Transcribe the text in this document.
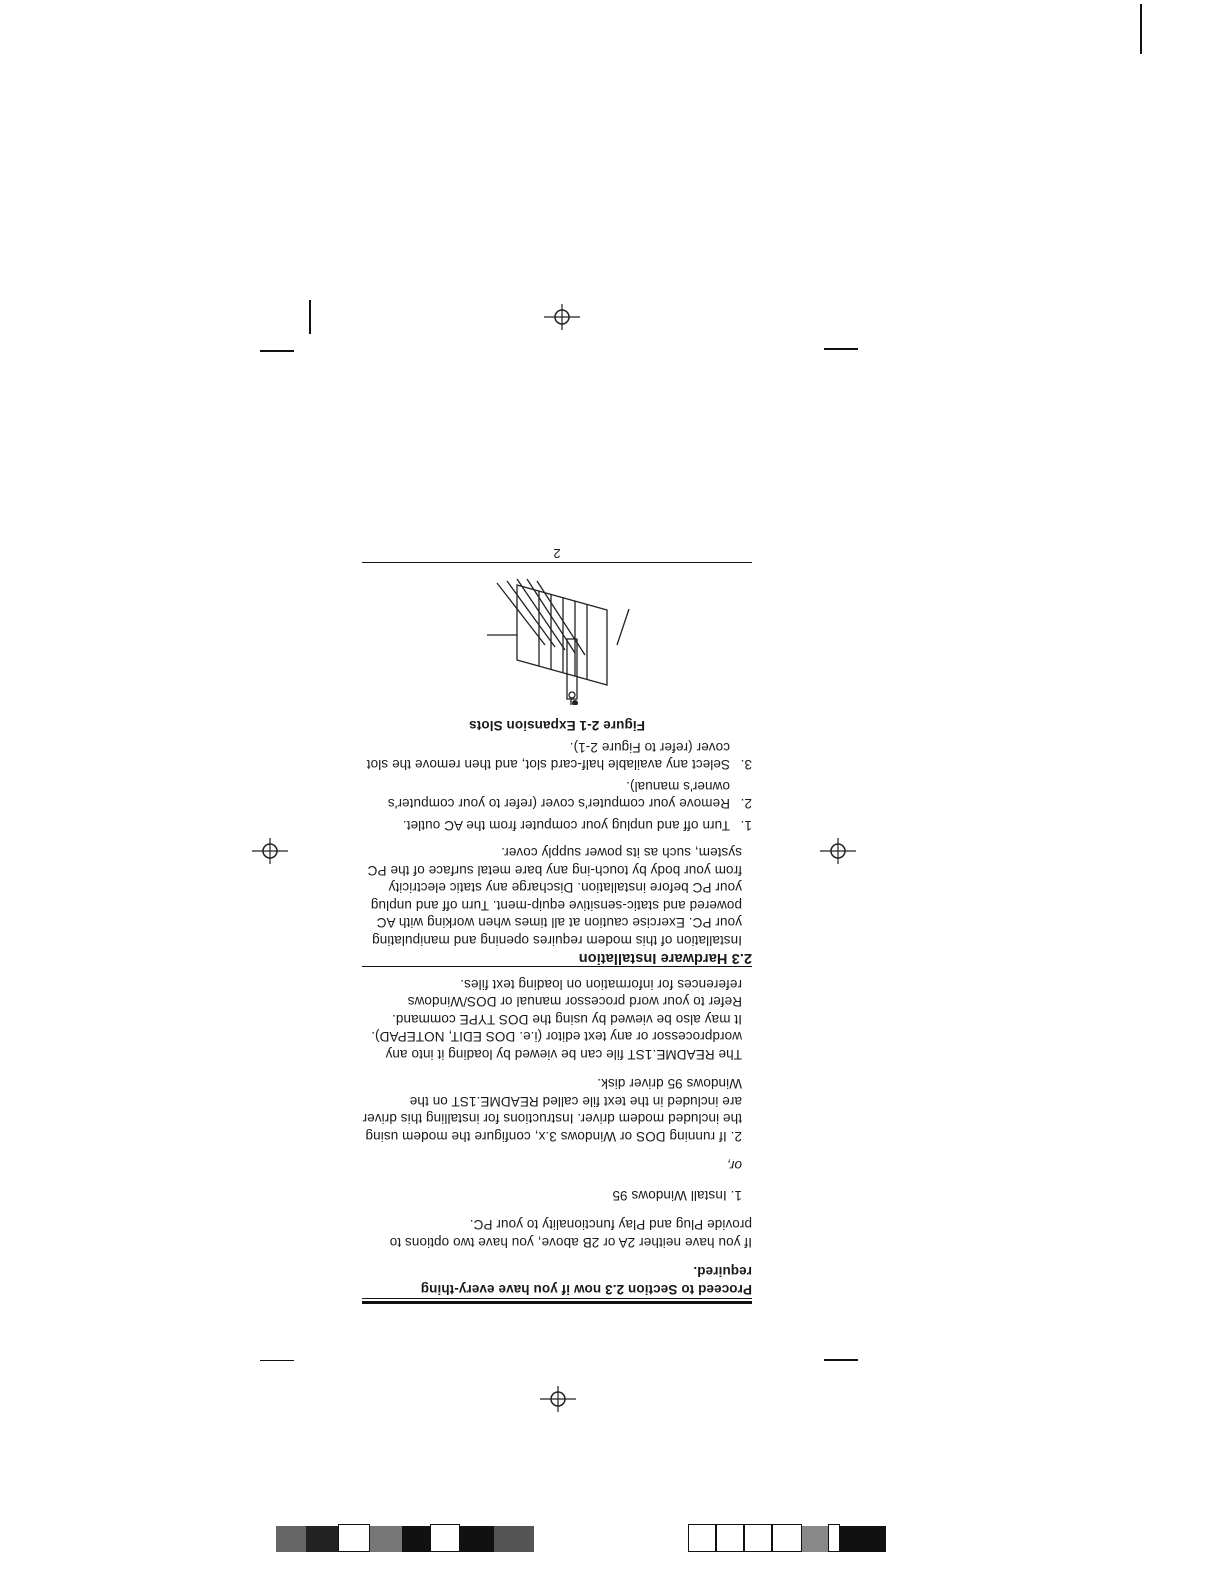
Proceed to Section 2.3 now if you have every-thing required.

If you have neither 2A or 2B above, you have two options to provide Plug and Play functionality to your PC.

1. Install Windows 95

or,

2. If running DOS or Windows 3.x, configure the modem using the included modem driver. Instructions for installing this driver are included in the text file called README.1ST on the Windows 95 driver disk.

The README.1ST file can be viewed by loading it into any wordprocessor or any text editor (i.e. DOS EDIT, NOTEPAD). It may also be viewed by using the DOS TYPE command. Refer to your word processor manual or DOS/Windows references for information on loading text files.

2.3 Hardware Installation

Installation of this modem requires opening and manipulating your PC. Exercise caution at all times when working with AC powered and static-sensitive equip-ment. Turn off and unplug your PC before installation. Discharge any static electricity from your body by touch-ing any bare metal surface of the PC system, such as its power supply cover.

1.
Turn off and unplug your computer from the AC outlet.
2.
Remove your computer's cover (refer to your computer's owner's manual).
3.
Select any available half-card slot, and then remove the slot cover (refer to Figure 2-1).

Figure 2-1 Expansion Slots

2
